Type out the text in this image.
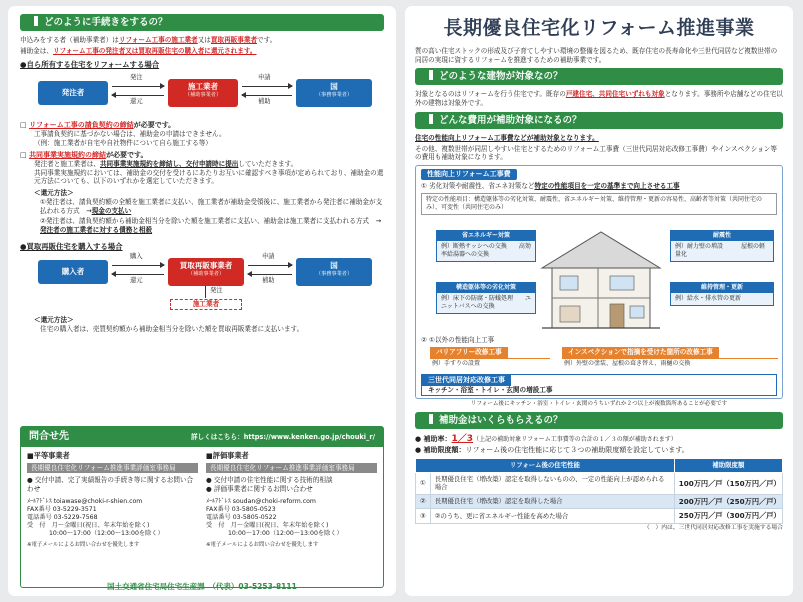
どのように手続きをするの？
申込みをする者（補助事業者）はリフォーム工事の施工業者又は買取再販事業者です。
補助金は、リフォーム工事の発注者又は買取再販住宅の購入者に還元されます。
●自ら所有する住宅をリフォームする場合
発注者
発注
還元
施工業者
（補助事業者）
申請
補助
国
（事務事業者）
□ リフォーム工事の請負契約の締結が必要です。
工事請負契約に基づかない場合は、補助金の申請はできません。
（例：施工業者が自宅や自社物件について自ら施工する等）
□ 共同事業実施規約の締結が必要です。
発注者と施工業者は、共同事業実施規約を締結し、交付申請時に提出していただきます。
共同事業実施規約においては、補助金の交付を受けるにあたりお互いに確認すべき事項が定められており、補助金の還元方法についても、以下のいずれかを選定していただきます。
＜還元方法＞
①発注者は、請負契約額の全額を施工業者に支払い、施工業者が補助金受領後に、施工業者から発注者に補助金が支払われる方式　→現金の支払い
②発注者は、請負契約額から補助金相当分を除いた額を施工業者に支払い、補助金は施工業者に支払われる方式　→発注者の施工業者に対する債務と相殺
●買取再販住宅を購入する場合
購入者
購入
還元
買取再販事業者
（補助事業者）
申請
補助
国
（事務事業者）
発注
施工業者
＜還元方法＞
住宅の購入者は、売買契約額から補助金相当分を除いた額を買取再販業者に支払います。
問合せ先	詳しくはこちら：https://www.kenken.go.jp/chouki_r/
■平等事業者
長期優良住宅化リフォーム推進事業評価室事務局
● 交付申請、完了実績報告の手続き等に関するお問い合わせ
ﾒｰﾙｱﾄﾞﾚｽ toiawase@choki-r-shien.com
FAX番号 03-5229-3571
電話番号 03-5229-7568
受　付　月～金曜日(祝日、年末年始を除く)
10:00～17:00（12:00～13:00を除く）
※電子メールによるお問い合わせを優先します
■評価事業者
長期優良住宅化リフォーム推進事業評価室事務局
● 交付申請の住宅性能に関する技術的相談
● 評価事業者に関するお問い合わせ
ﾒｰﾙｱﾄﾞﾚｽ soudan@choki-reform.com
FAX番号 03-5805-0523
電話番号 03-5805-0522
受　付　月～金曜日(祝日、年末年始を除く)
10:00～17:00（12:00～13:00を除く）
※電子メールによるお問い合わせを優先します
国土交通省住宅局住宅生産課　（代表）03-5253-8111
長期優良住宅化リフォーム推進事業
質の高い住宅ストックの形成及び子育てしやすい環境の整備を図るため、既存住宅の長寿命化や三世代同居など複数世帯の同居の実現に資するリフォームを推進するための補助事業です。
どのような建物が対象なの？
対象となるのはリフォームを行う住宅です。既存の戸建住宅、共同住宅いずれも対象となります。事務所や店舗などの住宅以外の建物は対象外です。
どんな費用が補助対象になるの？
住宅の性能向上リフォーム工事費などが補助対象となります。
その他、複数世帯が同居しやすい住宅とするためのリフォーム工事費（三世代同居対応改修工事費）やインスペクション等の費用も補助対象になります。
性能向上リフォーム工事費
① 劣化対策や耐震性、省エネ対策など特定の性能項目を一定の基準まで向上させる工事
特定の性能項目：構造躯体等の劣化対策、耐震性、省エネルギー対策、維持管理・更新の容易性、高齢者等対策（共同住宅のみ）、可変性（共同住宅のみ）
省エネルギー対策
例）断熱サッシへの交換　　高効率給湯器への交換
耐震性
例）耐力壁の増設　　　屋根の軽量化
構造躯体等の劣化対策
例）床下の防腐・防蟻処理　　ユニットバスへの交換
維持管理・更新
例）給水・排水管の更新
② ①以外の性能向上工事
バリアフリー改修工事
例）手すりの設置
インスペクションで指摘を受けた箇所の改修工事
例）外壁の塗装、屋根の葺き替え、雨樋の交換
三世代同居対応改修工事
キッチン・浴室・トイレ・玄関の増設工事
リフォーム後にキッチン・浴室・トイレ・玄関のうちいずれか２つ以上が複数箇所あることが必要です
補助金はいくらもらえるの？
● 補助率：1／3（上記の補助対象リフォーム工事費等の合計の１／３の額が補助されます）
● 補助限度額：リフォーム後の住宅性能に応じて３つの補助限度額を設定しています。
リフォーム後の住宅性能		補助限度額
①	長期優良住宅（増改築）認定を取得しないものの、一定の性能向上が認められる場合	100万円／戸（150万円／戸）
②	長期優良住宅（増改築）認定を取得した場合	200万円／戸（250万円／戸）
③	②のうち、更に省エネルギー性能を高めた場合	250万円／戸（300万円／戸）
（　）内は、三世代同居対応改修工事を実施する場合
